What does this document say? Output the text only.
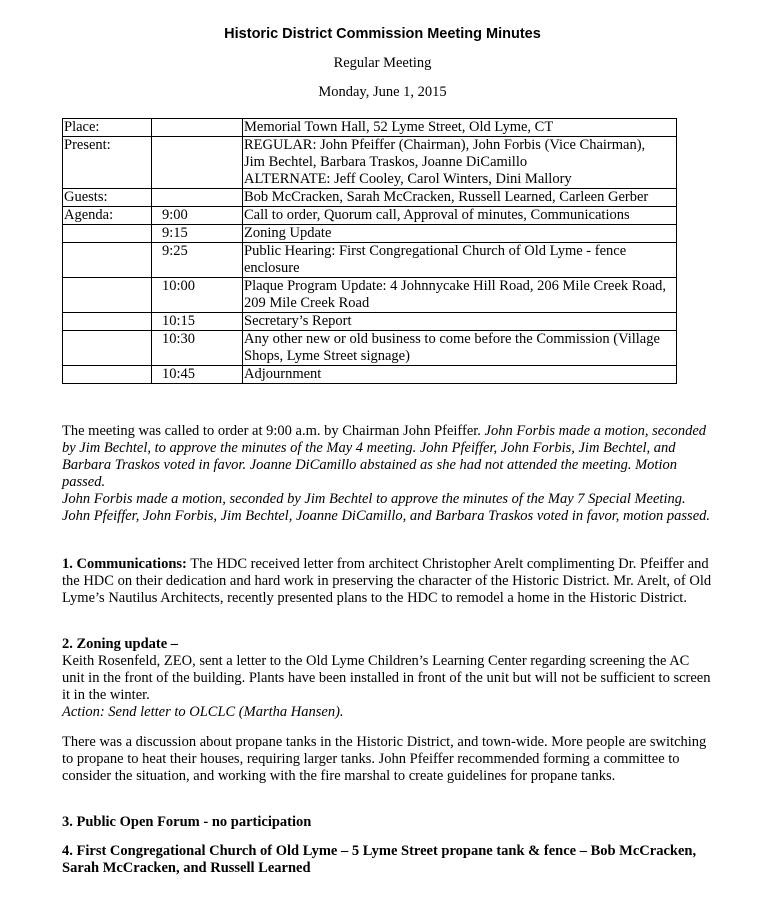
Historic District Commission Meeting Minutes
Regular Meeting
Monday, June 1, 2015
Place:		Memorial Town Hall, 52 Lyme Street, Old Lyme, CT
Present:		REGULAR: John Pfeiffer (Chairman), John Forbis (Vice Chairman),
Jim Bechtel, Barbara Traskos, Joanne DiCamillo
ALTERNATE: Jeff Cooley, Carol Winters, Dini Mallory

Guests:		Bob McCracken, Sarah McCracken, Russell Learned, Carleen Gerber
Agenda:	9:00	Call to order, Quorum call, Approval of minutes, Communications
	9:15	Zoning Update
	9:25	Public Hearing: First Congregational Church of Old Lyme - fence enclosure
	10:00	Plaque Program Update: 4 Johnnycake Hill Road, 206 Mile Creek Road, 209 Mile Creek Road
	10:15	Secretary’s Report
	10:30	Any other new or old business to come before the Commission (Village Shops, Lyme Street signage)
	10:45	Adjournment

The meeting was called to order at 9:00 a.m. by Chairman John Pfeiffer. John Forbis made a motion, seconded by Jim Bechtel, to approve the minutes of the May 4 meeting. John Pfeiffer, John Forbis, Jim Bechtel, and Barbara Traskos voted in favor. Joanne DiCamillo abstained as she had not attended the meeting. Motion passed.

John Forbis made a motion, seconded by Jim Bechtel to approve the minutes of the May 7 Special Meeting. John Pfeiffer, John Forbis, Jim Bechtel, Joanne DiCamillo, and Barbara Traskos voted in favor, motion passed.

1. Communications: The HDC received letter from architect Christopher Arelt complimenting Dr. Pfeiffer and the HDC on their dedication and hard work in preserving the character of the Historic District. Mr. Arelt, of Old Lyme’s Nautilus Architects, recently presented plans to the HDC to remodel a home in the Historic District.

2. Zoning update –

Keith Rosenfeld, ZEO, sent a letter to the Old Lyme Children’s Learning Center regarding screening the AC unit in the front of the building. Plants have been installed in front of the unit but will not be sufficient to screen it in the winter.

Action: Send letter to OLCLC (Martha Hansen).

There was a discussion about propane tanks in the Historic District, and town-wide. More people are switching to propane to heat their houses, requiring larger tanks. John Pfeiffer recommended forming a committee to consider the situation, and working with the fire marshal to create guidelines for propane tanks.

3. Public Open Forum - no participation

4. First Congregational Church of Old Lyme – 5 Lyme Street propane tank & fence – Bob McCracken, Sarah McCracken, and Russell Learned
